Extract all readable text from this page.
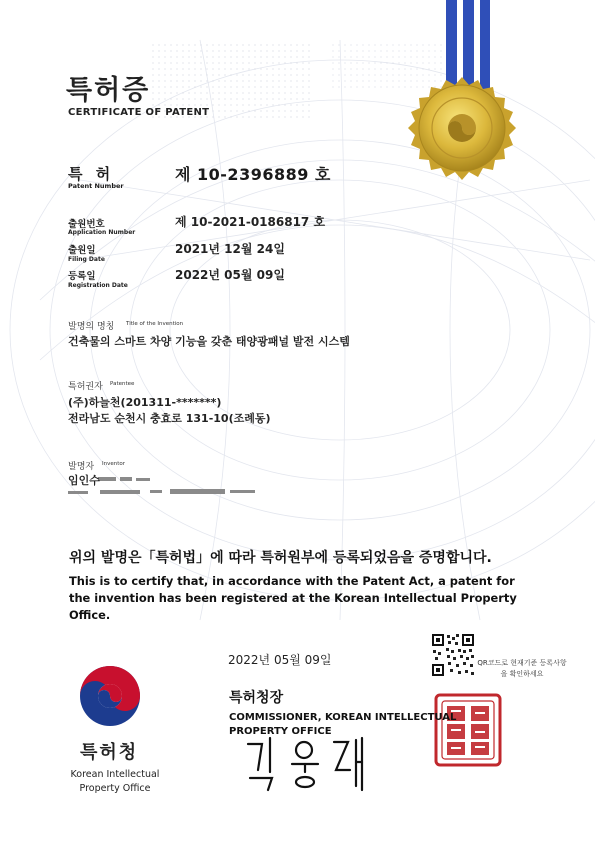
특허증
CERTIFICATE OF PATENT
특 허
Patent Number
제 10-2396889 호
출원번호
Application Number
제 10-2021-0186817 호
출원일
Filing Date
2021년 12월 24일
등록일
Registration Date
2022년 05월 09일
발명의 명칭 Title of the Invention
건축물의 스마트 차양 기능을 갖춘 태양광패널 발전 시스템
특허권자 Patentee
(주)하늘천(201311-*******)
전라남도 순천시 충효로 131-10(조례동)
발명자 Inventor
임인수
위의 발명은「특허법」에 따라 특허원부에 등록되었음을 증명합니다.
This is to certify that, in accordance with the Patent Act, a patent for the invention has been registered at the Korean Intellectual Property Office.
2022년 05월 09일	QR코드로 현재기준 등록사항을 확인하세요
특허청장
COMMISSIONER, KOREAN INTELLECTUAL PROPERTY OFFICE
특허청
Korean Intellectual Property Office
